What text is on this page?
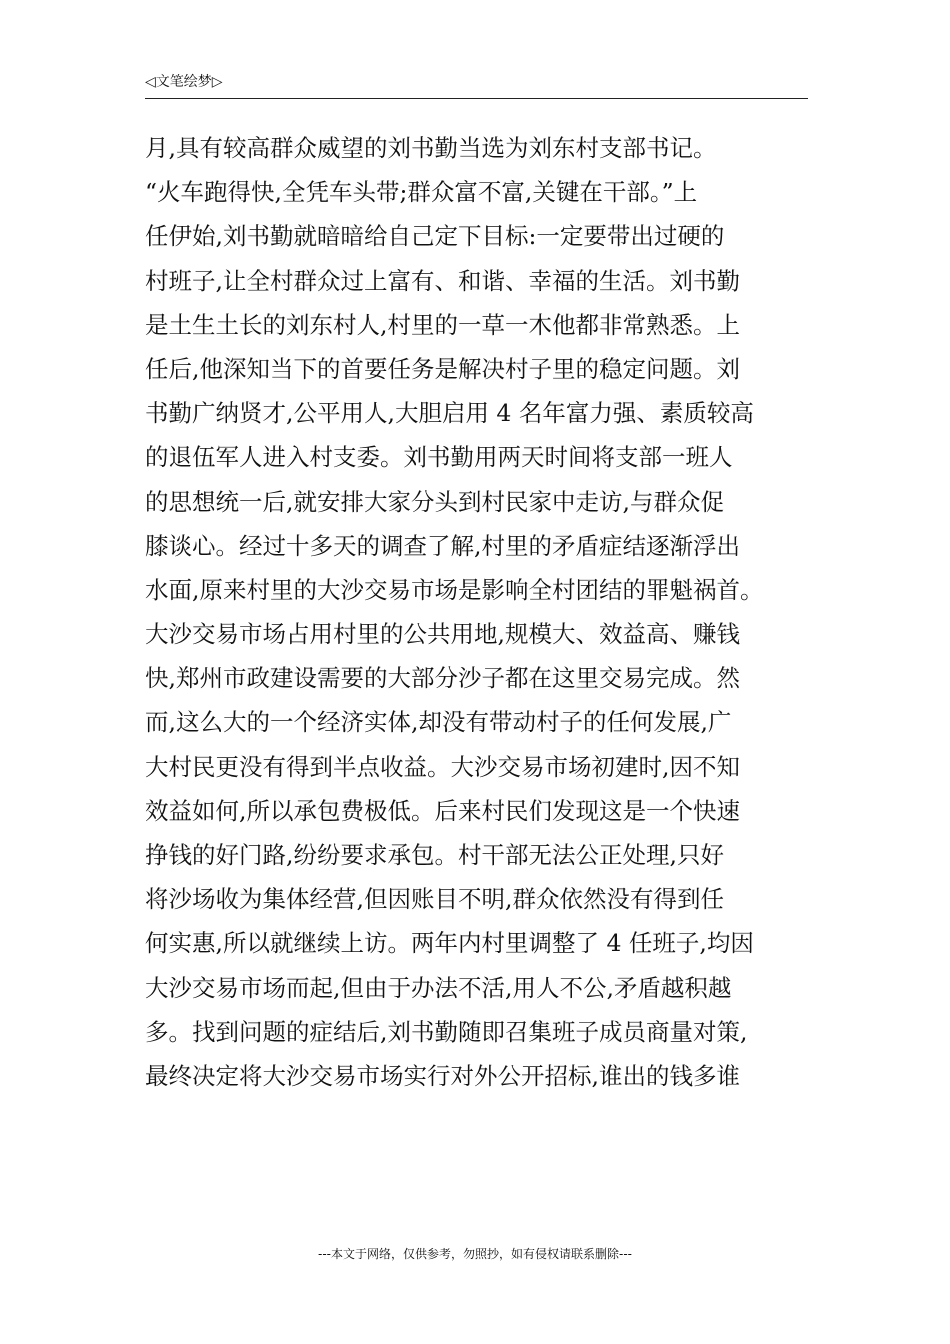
◁文笔绘梦▷

月,具有较高群众威望的刘书勤当选为刘东村支部书记。

“火车跑得快,全凭车头带;群众富不富,关键在干部。”上

任伊始,刘书勤就暗暗给自己定下目标:一定要带出过硬的

村班子,让全村群众过上富有、和谐、幸福的生活。刘书勤

是土生土长的刘东村人,村里的一草一木他都非常熟悉。上

任后,他深知当下的首要任务是解决村子里的稳定问题。刘

书勤广纳贤才,公平用人,大胆启用 4 名年富力强、素质较高

的退伍军人进入村支委。刘书勤用两天时间将支部一班人

的思想统一后,就安排大家分头到村民家中走访,与群众促

膝谈心。经过十多天的调查了解,村里的矛盾症结逐渐浮出

水面,原来村里的大沙交易市场是影响全村团结的罪魁祸首。

大沙交易市场占用村里的公共用地,规模大、效益高、赚钱

快,郑州市政建设需要的大部分沙子都在这里交易完成。然

而,这么大的一个经济实体,却没有带动村子的任何发展,广

大村民更没有得到半点收益。大沙交易市场初建时,因不知

效益如何,所以承包费极低。后来村民们发现这是一个快速

挣钱的好门路,纷纷要求承包。村干部无法公正处理,只好

将沙场收为集体经营,但因账目不明,群众依然没有得到任

何实惠,所以就继续上访。两年内村里调整了 4 任班子,均因

大沙交易市场而起,但由于办法不活,用人不公,矛盾越积越

多。找到问题的症结后,刘书勤随即召集班子成员商量对策,

最终决定将大沙交易市场实行对外公开招标,谁出的钱多谁

---本文于网络，仅供参考，勿照抄，如有侵权请联系删除---
